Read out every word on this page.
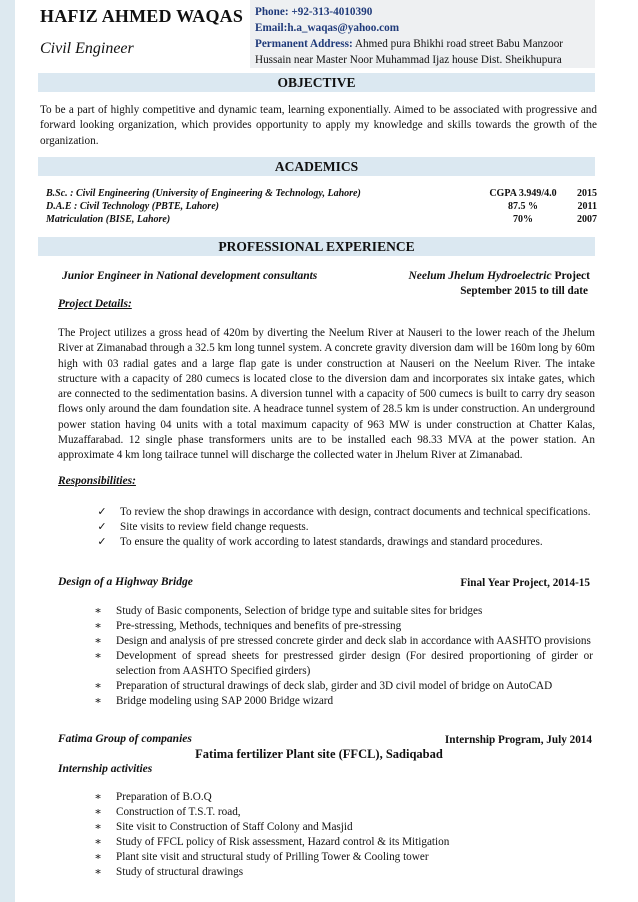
HAFIZ AHMED WAQAS
Civil Engineer
Phone: +92-313-4010390
Email:h.a_waqas@yahoo.com
Permanent Address: Ahmed pura Bhikhi road street Babu Manzoor
Hussain near Master Noor Muhammad Ijaz house Dist. Sheikhupura
OBJECTIVE
To be a part of highly competitive and dynamic team, learning exponentially. Aimed to be associated with progressive and forward looking organization, which provides opportunity to apply my knowledge and skills towards the growth of the organization.
ACADEMICS
B.Sc. : Civil Engineering (University of Engineering & Technology, Lahore)	CGPA 3.949/4.0	2015
D.A.E : Civil Technology (PBTE, Lahore)	87.5 %	2011
Matriculation (BISE, Lahore)	70%	2007
PROFESSIONAL EXPERIENCE
Junior Engineer in National development consultants	Neelum Jhelum Hydroelectric Project
September 2015 to till date
Project Details:
The Project utilizes a gross head of 420m by diverting the Neelum River at Nauseri to the lower reach of the Jhelum River at Zimanabad through a 32.5 km long tunnel system. A concrete gravity diversion dam will be 160m long by 60m high with 03 radial gates and a large flap gate is under construction at Nauseri on the Neelum River. The intake structure with a capacity of 280 cumecs is located close to the diversion dam and incorporates six intake gates, which are connected to the sedimentation basins. A diversion tunnel with a capacity of 500 cumecs is built to carry dry season flows only around the dam foundation site. A headrace tunnel system of 28.5 km is under construction. An underground power station having 04 units with a total maximum capacity of 963 MW is under construction at Chatter Kalas, Muzaffarabad. 12 single phase transformers units are to be installed each 98.33 MVA at the power station. An approximate 4 km long tailrace tunnel will discharge the collected water in Jhelum River at Zimanabad.
Responsibilities:
✓	To review the shop drawings in accordance with design, contract documents and technical specifications.
✓	Site visits to review field change requests.
✓	To ensure the quality of work according to latest standards, drawings and standard procedures.
Design of a Highway Bridge	Final Year Project, 2014-15
∗	Study of Basic components, Selection of bridge type and suitable sites for bridges
∗	Pre-stressing, Methods, techniques and benefits of pre-stressing
∗	Design and analysis of pre stressed concrete girder and deck slab in accordance with AASHTO provisions
∗	Development of spread sheets for prestressed girder design (For desired proportioning of girder or selection from AASHTO Specified girders)
∗	Preparation of structural drawings of deck slab, girder and 3D civil model of bridge on AutoCAD
∗	Bridge modeling using SAP 2000 Bridge wizard
Fatima Group of companies	Internship Program, July 2014
Fatima fertilizer Plant site (FFCL), Sadiqabad
Internship activities
∗	Preparation of B.O.Q
∗	Construction of T.S.T. road,
∗	Site visit to Construction of Staff Colony and Masjid
∗	Study of FFCL policy of Risk assessment, Hazard control & its Mitigation
∗	Plant site visit and structural study of Prilling Tower & Cooling tower
∗	Study of structural drawings
